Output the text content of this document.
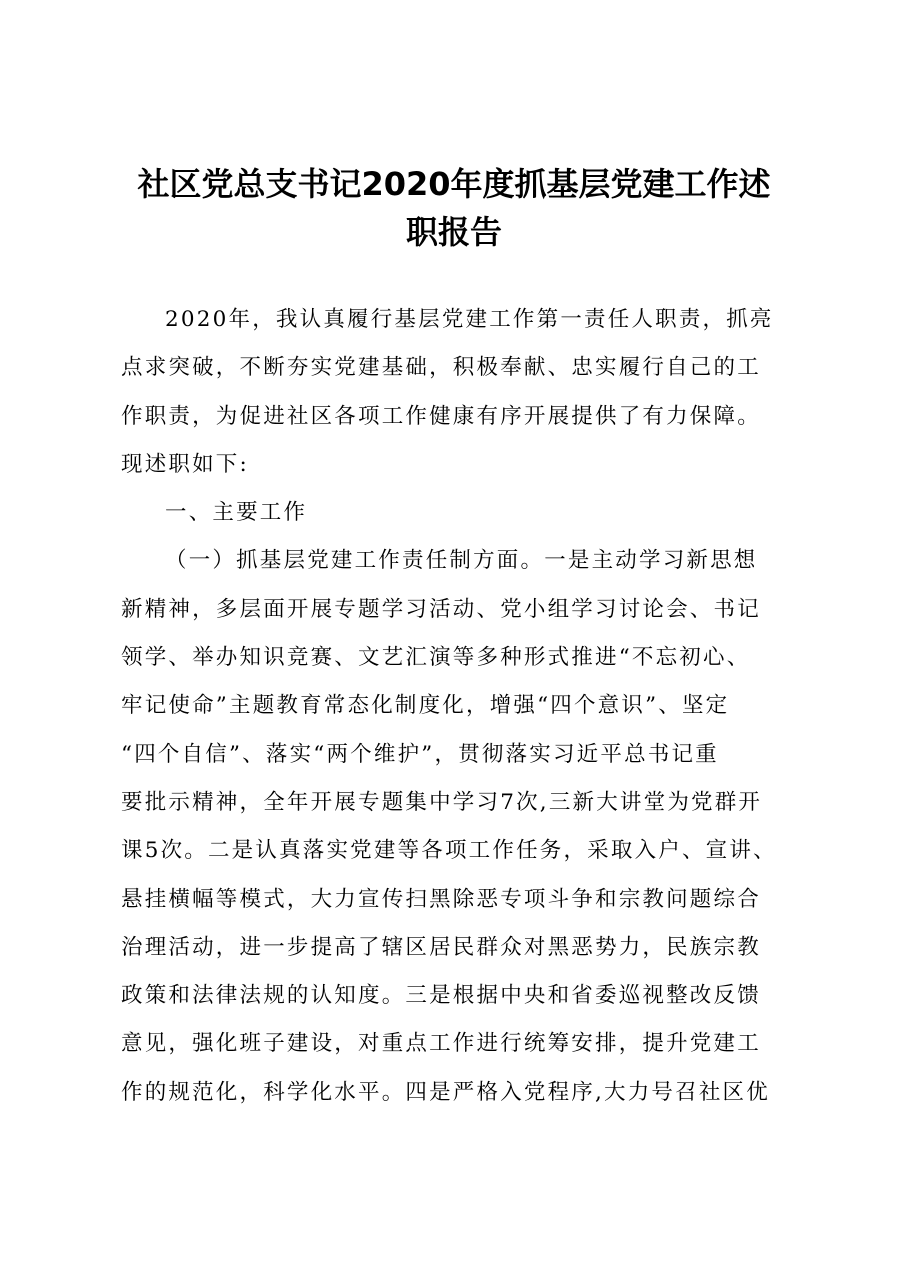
社区党总支书记2020年度抓基层党建工作述
职报告
2020年，我认真履行基层党建工作第一责任人职责，抓亮
点求突破，不断夯实党建基础，积极奉献、忠实履行自己的工
作职责，为促进社区各项工作健康有序开展提供了有力保障。
现述职如下:
一、主要工作
（一）抓基层党建工作责任制方面。一是主动学习新思想
新精神，多层面开展专题学习活动、党小组学习讨论会、书记
领学、举办知识竞赛、文艺汇演等多种形式推进“不忘初心、
牢记使命”主题教育常态化制度化，增强“四个意识”、坚定
“四个自信”、落实“两个维护”，贯彻落实习近平总书记重
要批示精神，全年开展专题集中学习7次,三新大讲堂为党群开
课5次。二是认真落实党建等各项工作任务，采取入户、宣讲、
悬挂横幅等模式，大力宣传扫黑除恶专项斗争和宗教问题综合
治理活动，进一步提高了辖区居民群众对黑恶势力，民族宗教
政策和法律法规的认知度。三是根据中央和省委巡视整改反馈
意见，强化班子建设，对重点工作进行统筹安排，提升党建工
作的规范化，科学化水平。四是严格入党程序,大力号召社区优
